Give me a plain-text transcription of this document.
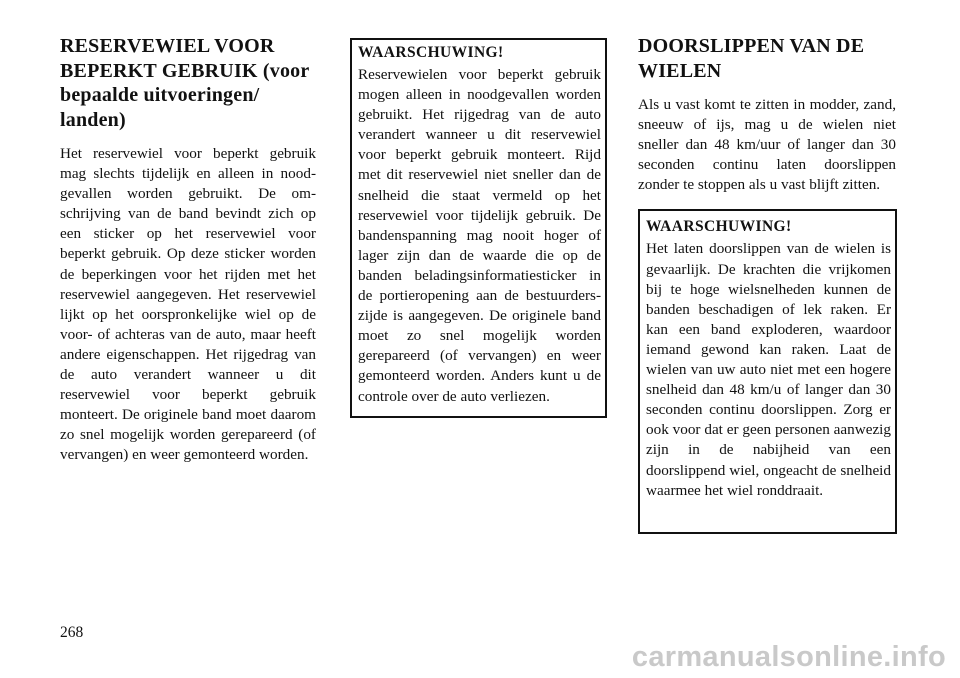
RESERVEWIEL VOOR BEPERKT GEBRUIK (voor bepaalde uitvoeringen/ landen)

Het reservewiel voor beperkt gebruik mag slechts tijdelijk en alleen in noodgevallen worden gebruikt. De omschrijving van de band bevindt zich op een sticker op het reservewiel voor beperkt gebruik. Op deze sticker worden de beperkingen voor het rijden met het reservewiel aangegeven. Het reservewiel lijkt op het oorspronkelijke wiel op de voor- of achteras van de auto, maar heeft andere eigenschappen. Het rijgedrag van de auto verandert wanneer u dit reservewiel voor beperkt gebruik monteert. De originele band moet daarom zo snel mogelijk worden gerepareerd (of vervangen) en weer gemonteerd worden.

WAARSCHUWING!

Reservewielen voor beperkt gebruik mogen alleen in noodgevallen worden gebruikt. Het rijgedrag van de auto verandert wanneer u dit reservewiel voor beperkt gebruik monteert. Rijd met dit reservewiel niet sneller dan de snelheid die staat vermeld op het reservewiel voor tijdelijk gebruik. De bandenspanning mag nooit hoger of lager zijn dan de waarde die op de banden beladingsinformatiesticker in de portieropening aan de bestuurderszijde is aangegeven. De originele band moet zo snel mogelijk worden gerepareerd (of vervangen) en weer gemonteerd worden. Anders kunt u de controle over de auto verliezen.

DOORSLIPPEN VAN DE WIELEN

Als u vast komt te zitten in modder, zand, sneeuw of ijs, mag u de wielen niet sneller dan 48 km/uur of langer dan 30 seconden continu laten doorslippen zonder te stoppen als u vast blijft zitten.

WAARSCHUWING!

Het laten doorslippen van de wielen is gevaarlijk. De krachten die vrijkomen bij te hoge wielsnelheden kunnen de banden beschadigen of lek raken. Er kan een band exploderen, waardoor iemand gewond kan raken. Laat de wielen van uw auto niet met een hogere snelheid dan 48 km/u of langer dan 30 seconden continu doorslippen. Zorg er ook voor dat er geen personen aanwezig zijn in de nabijheid van een doorslippend wiel, ongeacht de snelheid waarmee het wiel ronddraait.

268

carmanualsonline.info
